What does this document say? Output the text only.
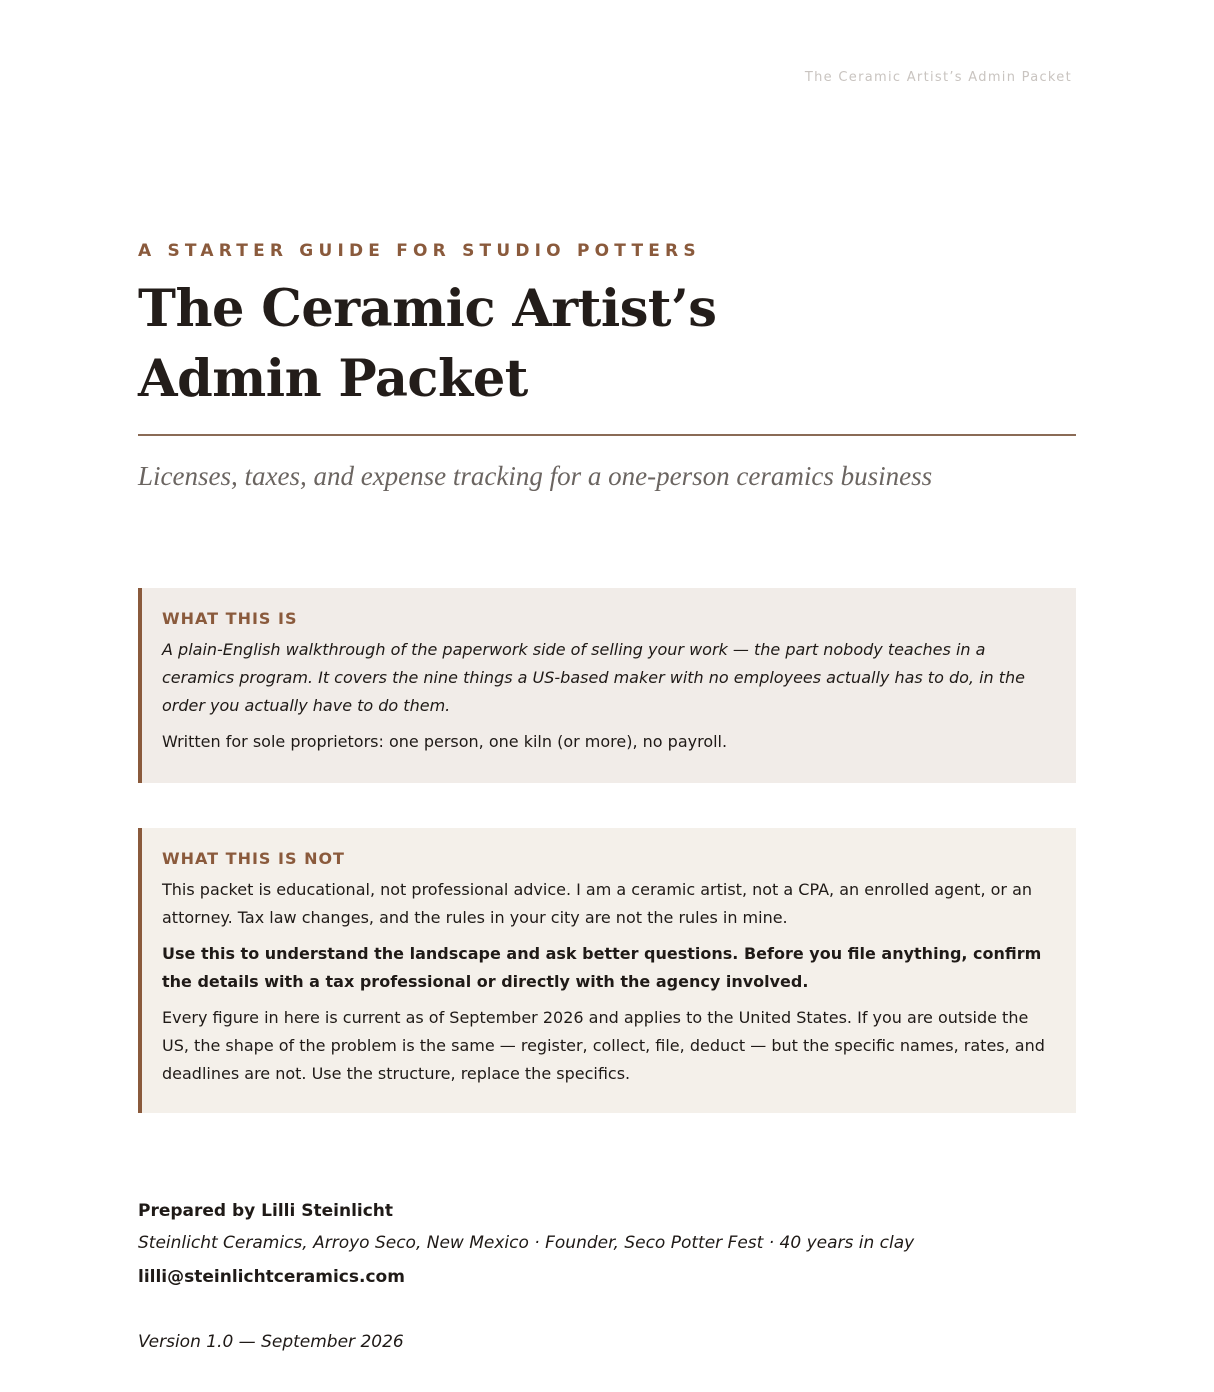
The Ceramic Artist’s Admin Packet

A STARTER GUIDE FOR STUDIO POTTERS

The Ceramic Artist’s
Admin Packet

Licenses, taxes, and expense tracking for a one-person ceramics business

WHAT THIS IS

A plain-English walkthrough of the paperwork side of selling your work — the part nobody teaches in a ceramics program. It covers the nine things a US-based maker with no employees actually has to do, in the order you actually have to do them.

Written for sole proprietors: one person, one kiln (or more), no payroll.

WHAT THIS IS NOT

This packet is educational, not professional advice. I am a ceramic artist, not a CPA, an enrolled agent, or an attorney. Tax law changes, and the rules in your city are not the rules in mine.

Use this to understand the landscape and ask better questions. Before you file anything, confirm the details with a tax professional or directly with the agency involved.

Every figure in here is current as of September 2026 and applies to the United States. If you are outside the US, the shape of the problem is the same — register, collect, file, deduct — but the specific names, rates, and deadlines are not. Use the structure, replace the specifics.

Prepared by Lilli Steinlicht
Steinlicht Ceramics, Arroyo Seco, New Mexico · Founder, Seco Potter Fest · 40 years in clay
lilli@steinlichtceramics.com
Version 1.0 — September 2026
